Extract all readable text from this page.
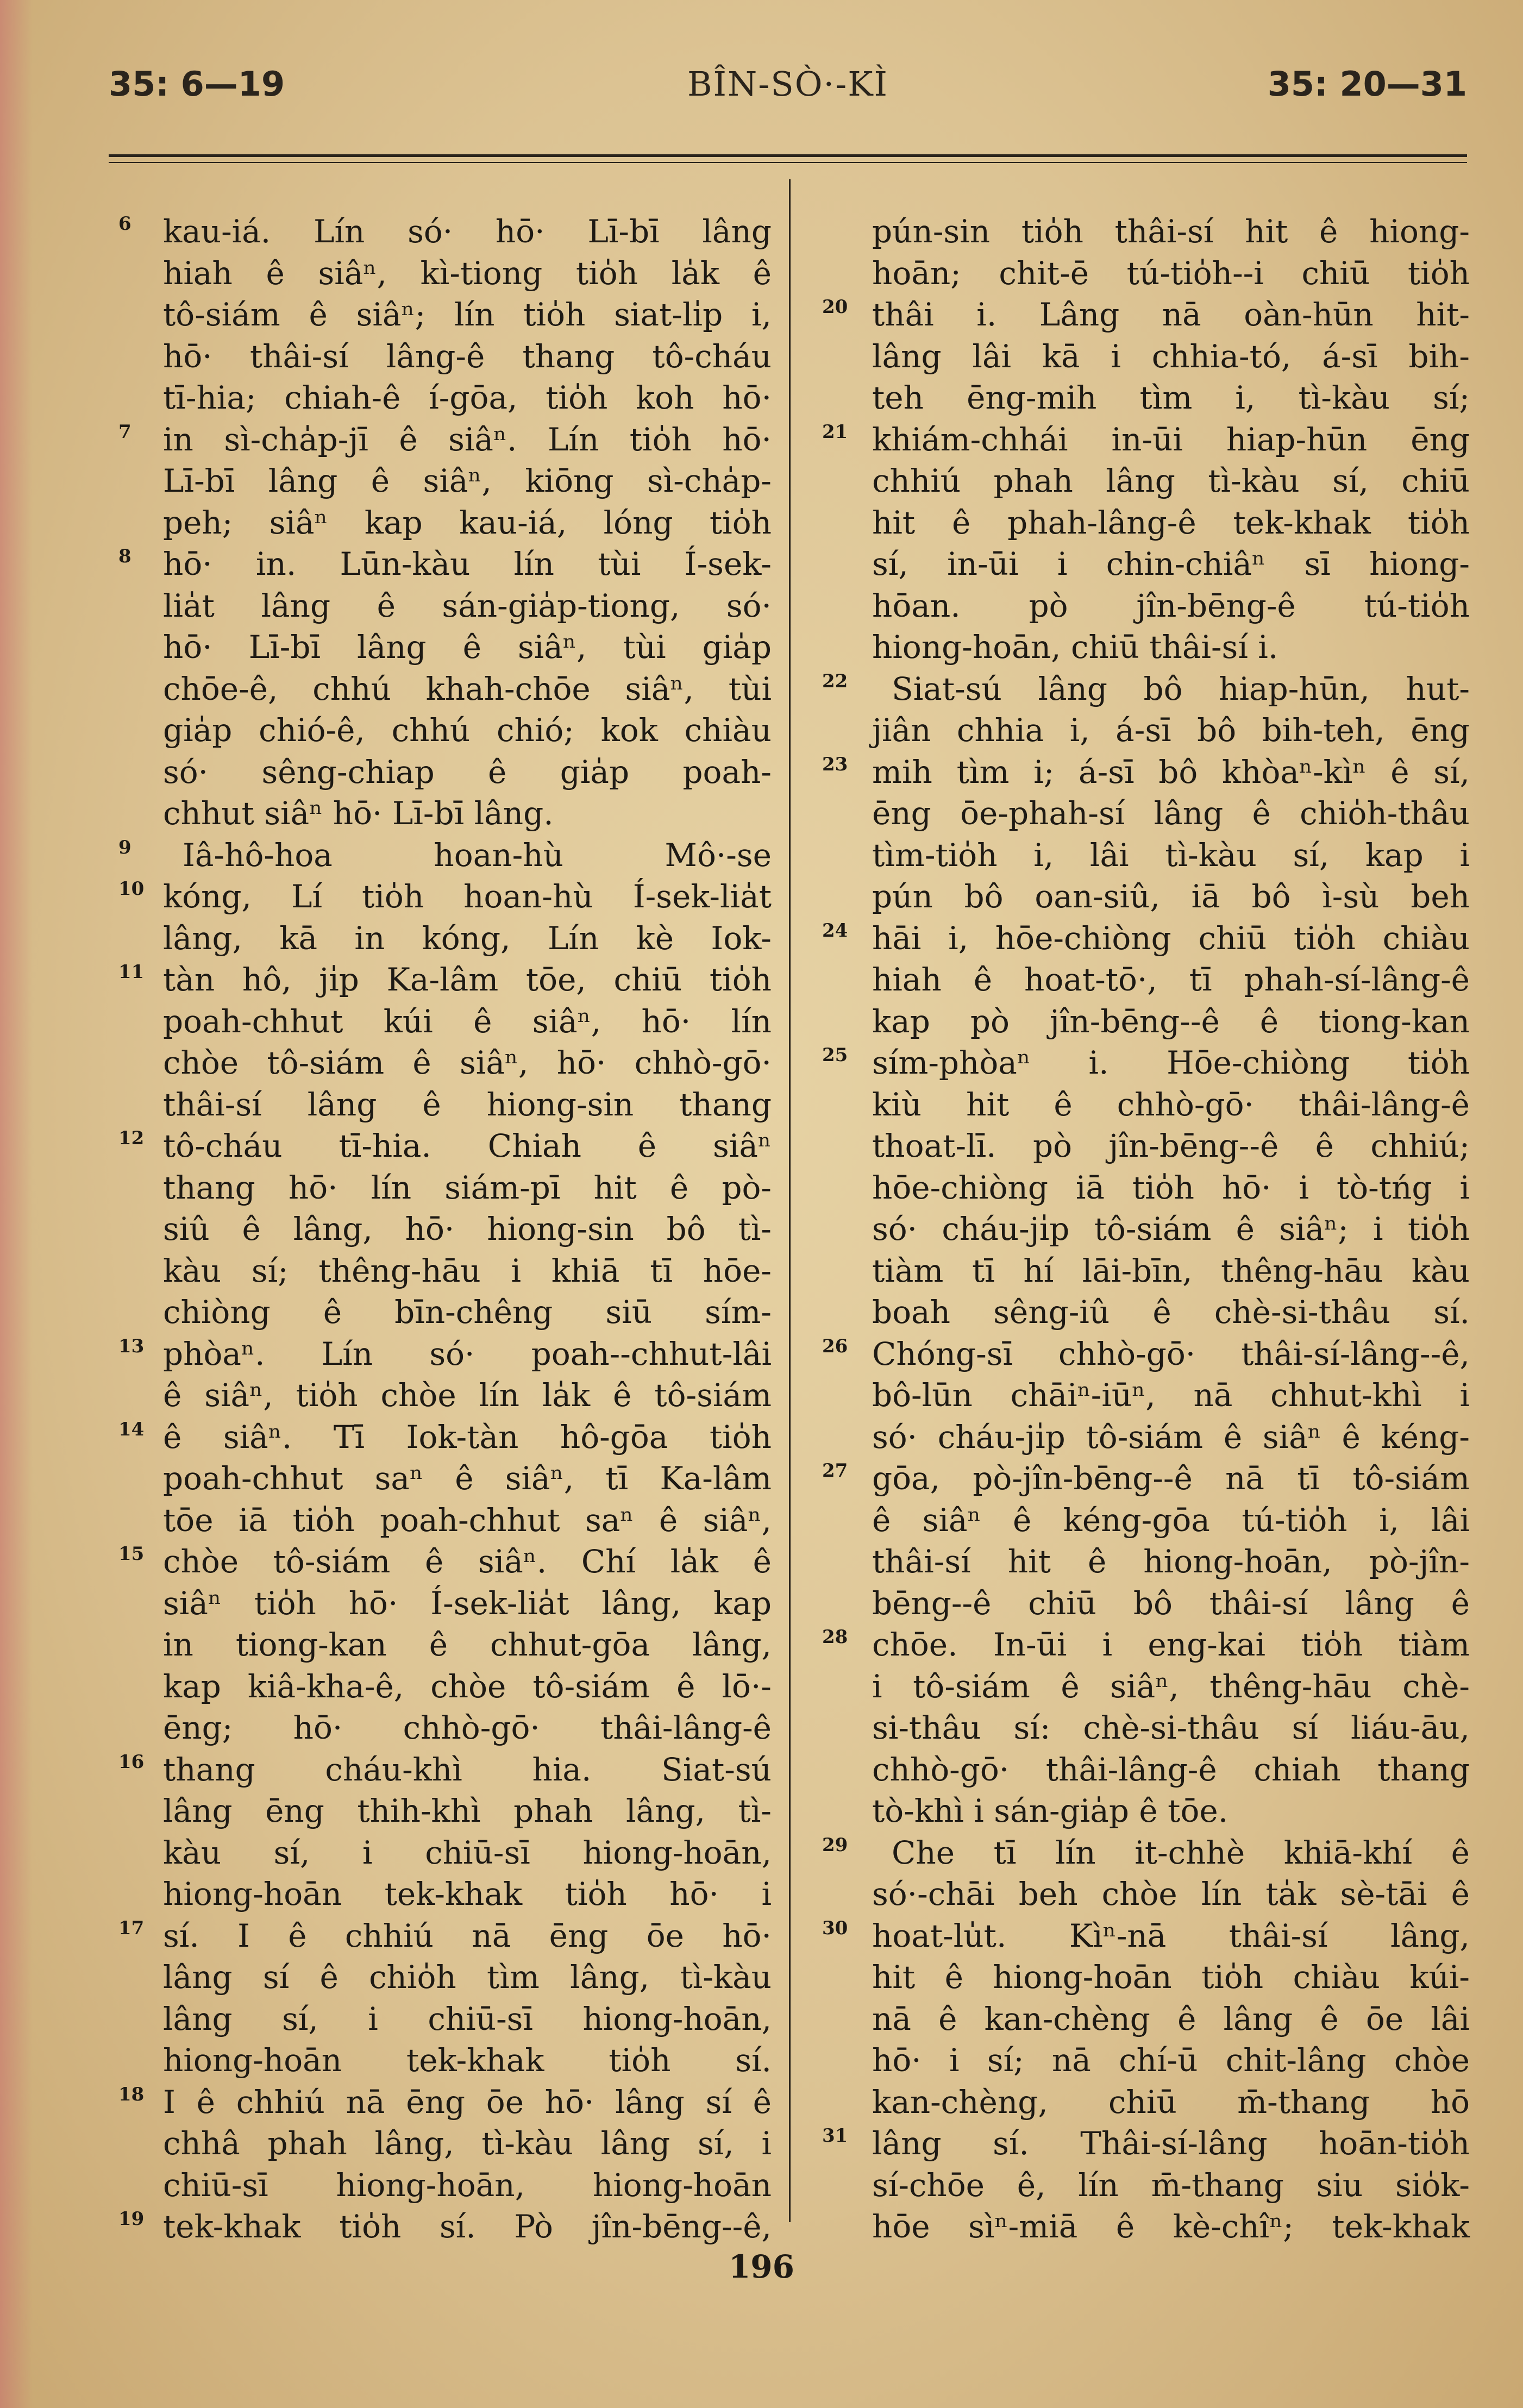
35: 6—19	BÎN-SÒ·-KÌ	35: 20—31
6	kau-iá. Lín só· hō· Lī-bī lâng
hiah ê siâⁿ, kì-tiong tio̍h la̍k ê
tô-siám ê siâⁿ; lín tio̍h siat-li̍p i,
hō· thâi-sí lâng-ê thang tô-cháu
tī-hia; chiah-ê í-gōa, tio̍h koh hō·
7	in sì-cha̍p-jī ê siâⁿ. Lín tio̍h hō·
Lī-bī lâng ê siâⁿ, kiōng sì-cha̍p-
peh; siâⁿ kap kau-iá, lóng tio̍h
8	hō· in. Lūn-kàu lín tùi Í-sek-
lia̍t lâng ê sán-gia̍p-tiong, só·
hō· Lī-bī lâng ê siâⁿ, tùi gia̍p
chōe-ê, chhú khah-chōe siâⁿ, tùi
gia̍p chió-ê, chhú chió; kok chiàu
só· sêng-chiap ê gia̍p poah-
chhut siâⁿ hō· Lī-bī lâng.
9	Iâ-hô-hoa hoan-hù Mô·-se
10 kóng, Lí tio̍h hoan-hù Í-sek-lia̍t
lâng, kā in kóng, Lín kè Iok-
11 tàn hô, ji̍p Ka-lâm tōe, chiū tio̍h
poah-chhut kúi ê siâⁿ, hō· lín
chòe tô-siám ê siâⁿ, hō· chhò-gō·
thâi-sí lâng ê hiong-sin thang
12 tô-cháu tī-hia. Chiah ê siâⁿ
thang hō· lín siám-pī hit ê pò-
siû ê lâng, hō· hiong-sin bô tì-
kàu sí; thêng-hāu i khiā tī hōe-
chiòng ê bīn-chêng siū sím-
13 phòaⁿ. Lín só· poah--chhut-lâi
ê siâⁿ, tio̍h chòe lín la̍k ê tô-siám
14 ê siâⁿ. Tī Iok-tàn hô-gōa tio̍h
poah-chhut saⁿ ê siâⁿ, tī Ka-lâm
tōe iā tio̍h poah-chhut saⁿ ê siâⁿ,
15 chòe tô-siám ê siâⁿ. Chí la̍k ê
siâⁿ tio̍h hō· Í-sek-lia̍t lâng, kap
in tiong-kan ê chhut-gōa lâng,
kap kiâ-kha-ê, chòe tô-siám ê lō·-
ēng; hō· chhò-gō· thâi-lâng-ê
16 thang cháu-khì hia. Siat-sú
lâng ēng thih-khì phah lâng, tì-
kàu sí, i chiū-sī hiong-hoān,
hiong-hoān tek-khak tio̍h hō· i
17 sí. I ê chhiú nā ēng ōe hō·
lâng sí ê chio̍h tìm lâng, tì-kàu
lâng sí, i chiū-sī hiong-hoān,
hiong-hoān tek-khak tio̍h sí.
18 I ê chhiú nā ēng ōe hō· lâng sí ê
chhâ phah lâng, tì-kàu lâng sí, i
chiū-sī hiong-hoān, hiong-hoān
19 tek-khak tio̍h sí. Pò jîn-bēng--ê,
pún-sin tio̍h thâi-sí hit ê hiong-
hoān; chit-ē tú-tio̍h--i chiū tio̍h
20 thâi i. Lâng nā oàn-hūn hit-
lâng lâi kā i chhia-tó, á-sī bih-
teh ēng-mih tìm i, tì-kàu sí;
21 khiám-chhái in-ūi hiap-hūn ēng
chhiú phah lâng tì-kàu sí, chiū
hit ê phah-lâng-ê tek-khak tio̍h
sí, in-ūi i chin-chiâⁿ sī hiong-
hōan. pò jîn-bēng-ê tú-tio̍h
hiong-hoān, chiū thâi-sí i.
22 Siat-sú lâng bô hiap-hūn, hut-
jiân chhia i, á-sī bô bih-teh, ēng
23 mih tìm i; á-sī bô khòaⁿ-kìⁿ ê sí,
ēng ōe-phah-sí lâng ê chio̍h-thâu
tìm-tio̍h i, lâi tì-kàu sí, kap i
pún bô oan-siû, iā bô ì-sù beh
24 hāi i, hōe-chiòng chiū tio̍h chiàu
hiah ê hoat-tō·, tī phah-sí-lâng-ê
kap pò jîn-bēng--ê ê tiong-kan
25 sím-phòaⁿ i. Hōe-chiòng tio̍h
kiù hit ê chhò-gō· thâi-lâng-ê
thoat-lī. pò jîn-bēng--ê ê chhiú;
hōe-chiòng iā tio̍h hō· i tò-tńg i
só· cháu-ji̍p tô-siám ê siâⁿ; i tio̍h
tiàm tī hí lāi-bīn, thêng-hāu kàu
boah sêng-iû ê chè-si-thâu sí.
26 Chóng-sī chhò-gō· thâi-sí-lâng--ê,
bô-lūn chāiⁿ-iūⁿ, nā chhut-khì i
só· cháu-ji̍p tô-siám ê siâⁿ ê kéng-
27 gōa, pò-jîn-bēng--ê nā tī tô-siám
ê siâⁿ ê kéng-gōa tú-tio̍h i, lâi
thâi-sí hit ê hiong-hoān, pò-jîn-
bēng--ê chiū bô thâi-sí lâng ê
28 chōe. In-ūi i eng-kai tio̍h tiàm
i tô-siám ê siâⁿ, thêng-hāu chè-
si-thâu sí: chè-si-thâu sí liáu-āu,
chhò-gō· thâi-lâng-ê chiah thang
tò-khì i sán-gia̍p ê tōe.
29 Che tī lín it-chhè khiā-khí ê
só·-chāi beh chòe lín ta̍k sè-tāi ê
30 hoat-lu̍t. Kìⁿ-nā thâi-sí lâng,
hit ê hiong-hoān tio̍h chiàu kúi-
nā ê kan-chèng ê lâng ê ōe lâi
hō· i sí; nā chí-ū chit-lâng chòe
kan-chèng, chiū m̄-thang hō
31 lâng sí. Thâi-sí-lâng hoān-tio̍h
sí-chōe ê, lín m̄-thang siu sio̍k-
hōe sìⁿ-miā ê kè-chîⁿ; tek-khak
196
